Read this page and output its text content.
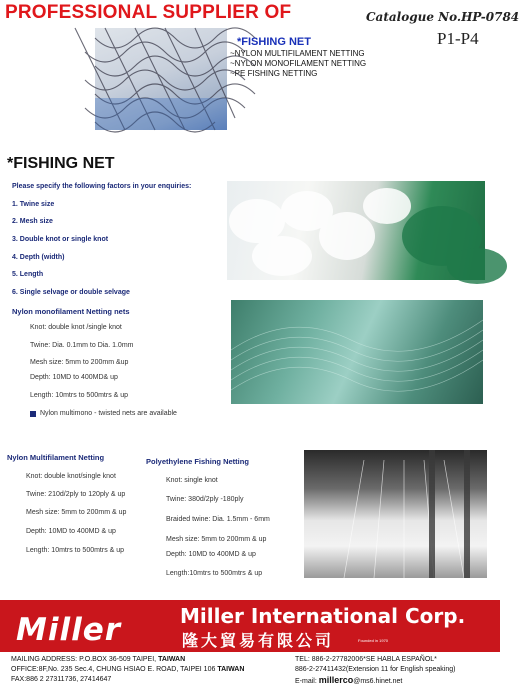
PROFESSIONAL SUPPLIER OF	Catalogue No.HP-0784
P1-P4
*FISHING NET
~NYLON MULTIFILAMENT NETTING
~NYLON MONOFILAMENT NETTING
~PE FISHING NETTING
*FISHING NET
Please specify the following factors in your enquiries:
1. Twine size
2. Mesh size
3. Double knot or single knot
4. Depth (width)
5. Length
6. Single selvage or double selvage
Nylon monofilament Netting nets
Knot: double knot /single knot
Twine: Dia. 0.1mm to Dia. 1.0mm
Mesh size: 5mm to 200mm &up
Depth: 10MD to 400MD& up
Length: 10mtrs to 500mtrs & up
Nylon multimono - twisted nets are available
Nylon Multifilament Netting
Knot: double knot/single knot
Twine: 210d/2ply to 120ply & up
Mesh size: 5mm to 200mm & up
Depth: 10MD to 400MD & up
Length: 10mtrs to 500mtrs & up
Polyethylene Fishing Netting
Knot: single knot
Twine: 380d/2ply -180ply
Braided twine: Dia. 1.5mm - 6mm
Mesh size: 5mm to 200mm & up
Depth: 10MD to 400MD & up
Length:10mtrs to 500mtrs & up
Miller	Miller International Corp.
隆大貿易有限公司	Founded in 1970
MAILING ADDRESS: P.O.BOX 36-509 TAIPEI, TAIWAN
OFFICE:8F,No. 235 Sec.4, CHUNG HSIAO E. ROAD, TAIPEI 106 TAIWAN
FAX:886 2 27311736, 27414647
TEL: 886-2-27782006*SE HABLA ESPAÑOL*
886-2-27411432(Extension 11 for English speaking)
E-mail: millerco@ms6.hinet.net
